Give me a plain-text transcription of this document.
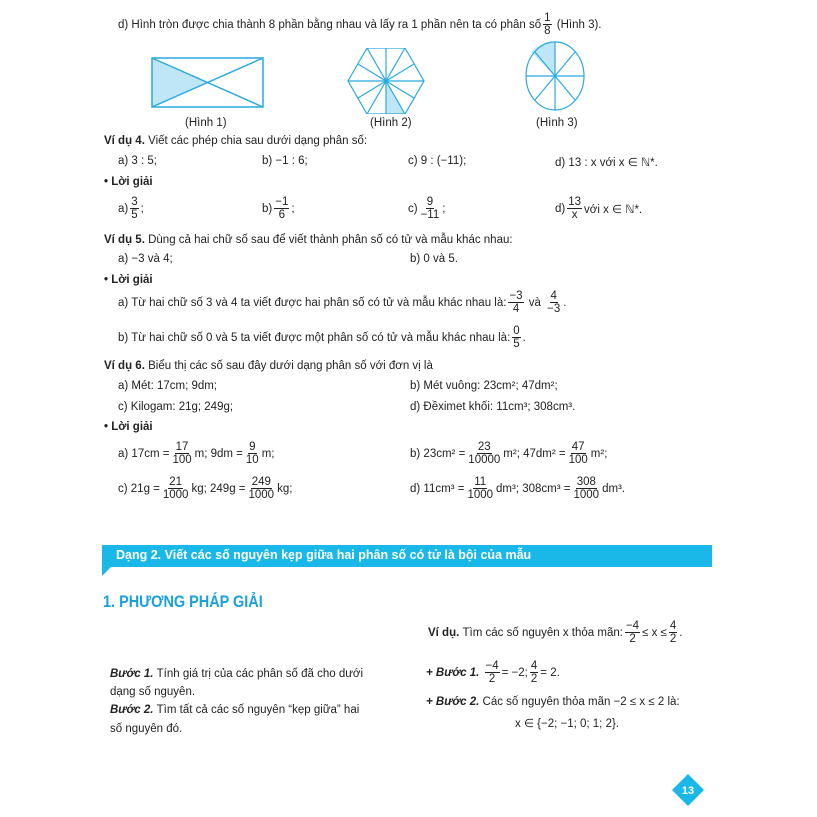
d) Hình tròn được chia thành 8 phần bằng nhau và lấy ra 1 phần nên ta có phân số $\frac{1}{8}$
(Hình 3).
(Hình 1)	(Hình 2)	(Hình 3)
Ví dụ 4.
Viết các phép chia sau dưới dạng phân số:
a) 3 : 5;	b) −1 : 6;	c) 9 : (−11);	d) 13 : x với x ∈ ℕ*.
• Lời giải
$a) \frac{3}{5}$ ;	$b) \frac{-1}{6}$ ;	$c) \frac{9}{-11}$ ;	$d) \frac{13}{x}$ với x ∈ ℕ*.
Ví dụ 5.
Dùng cả hai chữ số sau để viết thành phân số có tử và mẫu khác nhau:
a) −3 và 4;	b) 0 và 5.
• Lời giải
a) Từ hai chữ số 3 và 4 ta viết được hai phân số có tử và mẫu khác nhau là: $\frac{-3}{4}$
và
$\frac{4}{-3}$ .
b) Từ hai chữ số 0 và 5 ta viết được một phân số có tử và mẫu khác nhau là: $\frac{0}{5}$ .
Ví dụ 6.
Biểu thị các số sau đây dưới dạng phân số với đơn vị là
a) Mét: 17cm; 9dm;	b) Mét vuông: 23cm²; 47dm²;
c) Kilogam: 21g; 249g;	d) Đềximet khối: 11cm³; 308cm³.
• Lời giải
a) $17cm = \frac{17}{100} m$; $9dm = \frac{9}{10} m$;	b) $23cm^2 = \frac{23}{10000} m^2$; $47dm^2 = \frac{47}{100} m^2$;
c) $21g = \frac{21}{1000}$ kg; $249g = \frac{249}{1000}$ kg;	d) $11cm^3 = \frac{11}{1000} dm^3$; $308cm^3 = \frac{308}{1000} dm^3$.
Dạng 2. Viết các số nguyên kẹp giữa hai phân số có tử là bội của mẫu
1. PHƯƠNG PHÁP GIẢI
Bước 1.
Tính giá trị của các phân số đã cho dưới
dạng số nguyên.
Bước 2.
Tìm tất cả các số nguyên “kẹp giữa” hai
số nguyên đó.
Ví dụ.
Tìm các số nguyên x thỏa mãn: $\frac{-4}{2} \le x \le \frac{4}{2}$ .
+ Bước 1.
$\frac{-4}{2} = -2$; $\frac{4}{2} = 2$.
+ Bước 2.
Các số nguyên thỏa mãn −2 ≤ x ≤ 2 là:
x ∈ {−2; −1; 0; 1; 2}.
13
